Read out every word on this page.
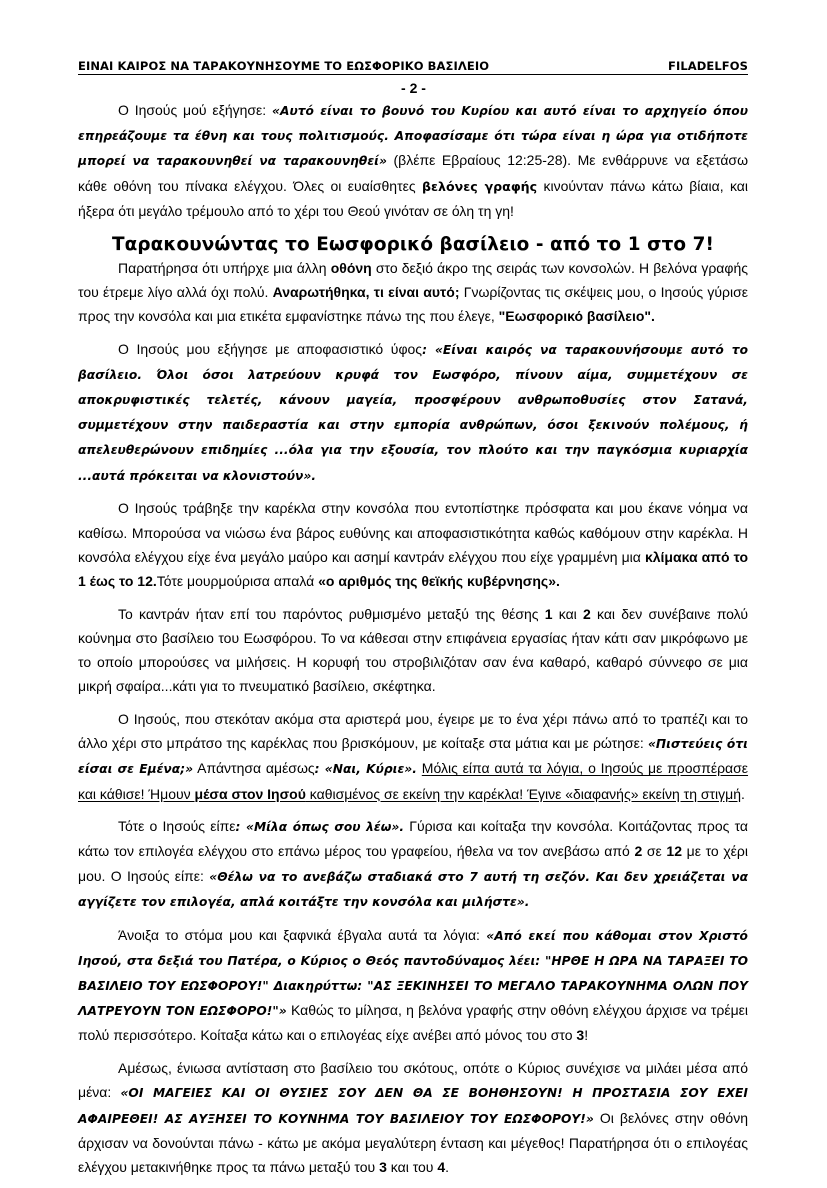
ΕΙΝΑΙ ΚΑΙΡΟΣ ΝΑ ΤΑΡΑΚΟΥΝΗΣΟΥΜΕ ΤΟ ΕΩΣΦΟΡΙΚΟ ΒΑΣΙΛΕΙΟ	FILADELFOS
- 2 -

Ο Ιησούς μού εξήγησε: «Αυτό είναι το βουνό του Κυρίου και αυτό είναι το αρχηγείο όπου επηρεάζουμε τα έθνη και τους πολιτισμούς. Αποφασίσαμε ότι τώρα είναι η ώρα για οτιδήποτε μπορεί να ταρακουνηθεί να ταρακουνηθεί» (βλέπε Εβραίους 12:25-28). Με ενθάρρυνε να εξετάσω κάθε οθόνη του πίνακα ελέγχου. Όλες οι ευαίσθητες βελόνες γραφής κινούνταν πάνω κάτω βίαια, και ήξερα ότι μεγάλο τρέμουλο από το χέρι του Θεού γινόταν σε όλη τη γη!

Ταρακουνώντας το Εωσφορικό βασίλειο - από το 1 στο 7!

Παρατήρησα ότι υπήρχε μια άλλη οθόνη στο δεξιό άκρο της σειράς των κονσολών. Η βελόνα γραφής του έτρεμε λίγο αλλά όχι πολύ. Αναρωτήθηκα, τι είναι αυτό; Γνωρίζοντας τις σκέψεις μου, ο Ιησούς γύρισε προς την κονσόλα και μια ετικέτα εμφανίστηκε πάνω της που έλεγε, "Εωσφορικό βασίλειο".

Ο Ιησούς μου εξήγησε με αποφασιστικό ύφος: «Είναι καιρός να ταρακουνήσουμε αυτό το βασίλειο. Όλοι όσοι λατρεύουν κρυφά τον Εωσφόρο, πίνουν αίμα, συμμετέχουν σε αποκρυφιστικές τελετές, κάνουν μαγεία, προσφέρουν ανθρωποθυσίες στον Σατανά, συμμετέχουν στην παιδεραστία και στην εμπορία ανθρώπων, όσοι ξεκινούν πολέμους, ή απελευθερώνουν επιδημίες ...όλα για την εξουσία, τον πλούτο και την παγκόσμια κυριαρχία ...αυτά πρόκειται να κλονιστούν».

Ο Ιησούς τράβηξε την καρέκλα στην κονσόλα που εντοπίστηκε πρόσφατα και μου έκανε νόημα να καθίσω. Μπορούσα να νιώσω ένα βάρος ευθύνης και αποφασιστικότητα καθώς καθόμουν στην καρέκλα. Η κονσόλα ελέγχου είχε ένα μεγάλο μαύρο και ασημί καντράν ελέγχου που είχε γραμμένη μια κλίμακα από το 1 έως το 12.Τότε μουρμούρισα απαλά «ο αριθμός της θεϊκής κυβέρνησης».

Το καντράν ήταν επί του παρόντος ρυθμισμένο μεταξύ της θέσης 1 και 2 και δεν συνέβαινε πολύ κούνημα στο βασίλειο του Εωσφόρου. Το να κάθεσαι στην επιφάνεια εργασίας ήταν κάτι σαν μικρόφωνο με το οποίο μπορούσες να μιλήσεις. Η κορυφή του στροβιλιζόταν σαν ένα καθαρό, καθαρό σύννεφο σε μια μικρή σφαίρα...κάτι για το πνευματικό βασίλειο, σκέφτηκα.

Ο Ιησούς, που στεκόταν ακόμα στα αριστερά μου, έγειρε με το ένα χέρι πάνω από το τραπέζι και το άλλο χέρι στο μπράτσο της καρέκλας που βρισκόμουν, με κοίταξε στα μάτια και με ρώτησε: «Πιστεύεις ότι είσαι σε Εμένα;» Απάντησα αμέσως: «Ναι, Κύριε». Μόλις είπα αυτά τα λόγια, ο Ιησούς με προσπέρασε και κάθισε! Ήμουν μέσα στον Ιησού καθισμένος σε εκείνη την καρέκλα! Έγινε «διαφανής» εκείνη τη στιγμή.

Τότε ο Ιησούς είπε: «Μίλα όπως σου λέω». Γύρισα και κοίταξα την κονσόλα. Κοιτάζοντας προς τα κάτω τον επιλογέα ελέγχου στο επάνω μέρος του γραφείου, ήθελα να τον ανεβάσω από 2 σε 12 με το χέρι μου. Ο Ιησούς είπε: «Θέλω να το ανεβάζω σταδιακά στο 7 αυτή τη σεζόν. Και δεν χρειάζεται να αγγίζετε τον επιλογέα, απλά κοιτάξτε την κονσόλα και μιλήστε».

Άνοιξα το στόμα μου και ξαφνικά έβγαλα αυτά τα λόγια: «Από εκεί που κάθομαι στον Χριστό Ιησού, στα δεξιά του Πατέρα, ο Κύριος ο Θεός παντοδύναμος λέει: "ΗΡΘΕ Η ΩΡΑ ΝΑ ΤΑΡΑΞΕΙ ΤΟ ΒΑΣΙΛΕΙΟ ΤΟΥ ΕΩΣΦΟΡΟΥ!" Διακηρύττω: "ΑΣ ΞΕΚΙΝΗΣΕΙ ΤΟ ΜΕΓΑΛΟ ΤΑΡΑΚΟΥΝΗΜΑ ΟΛΩΝ ΠΟΥ ΛΑΤΡΕΥΟΥΝ ΤΟΝ ΕΩΣΦΟΡΟ!"» Καθώς το μίλησα, η βελόνα γραφής στην οθόνη ελέγχου άρχισε να τρέμει πολύ περισσότερο. Κοίταξα κάτω και ο επιλογέας είχε ανέβει από μόνος του στο 3!

Αμέσως, ένιωσα αντίσταση στο βασίλειο του σκότους, οπότε ο Κύριος συνέχισε να μιλάει μέσα από μένα: «ΟΙ ΜΑΓΕΙΕΣ ΚΑΙ ΟΙ ΘΥΣΙΕΣ ΣΟΥ ΔΕΝ ΘΑ ΣΕ ΒΟΗΘΗΣΟΥΝ! Η ΠΡΟΣΤΑΣΙΑ ΣΟΥ ΕΧΕΙ ΑΦΑΙΡΕΘΕΙ! ΑΣ ΑΥΞΗΣΕΙ ΤΟ ΚΟΥΝΗΜΑ ΤΟΥ ΒΑΣΙΛΕΙΟΥ ΤΟΥ ΕΩΣΦΟΡΟΥ!» Οι βελόνες στην οθόνη άρχισαν να δονούνται πάνω - κάτω με ακόμα μεγαλύτερη ένταση και μέγεθος! Παρατήρησα ότι ο επιλογέας ελέγχου μετακινήθηκε προς τα πάνω μεταξύ του 3 και του 4.
